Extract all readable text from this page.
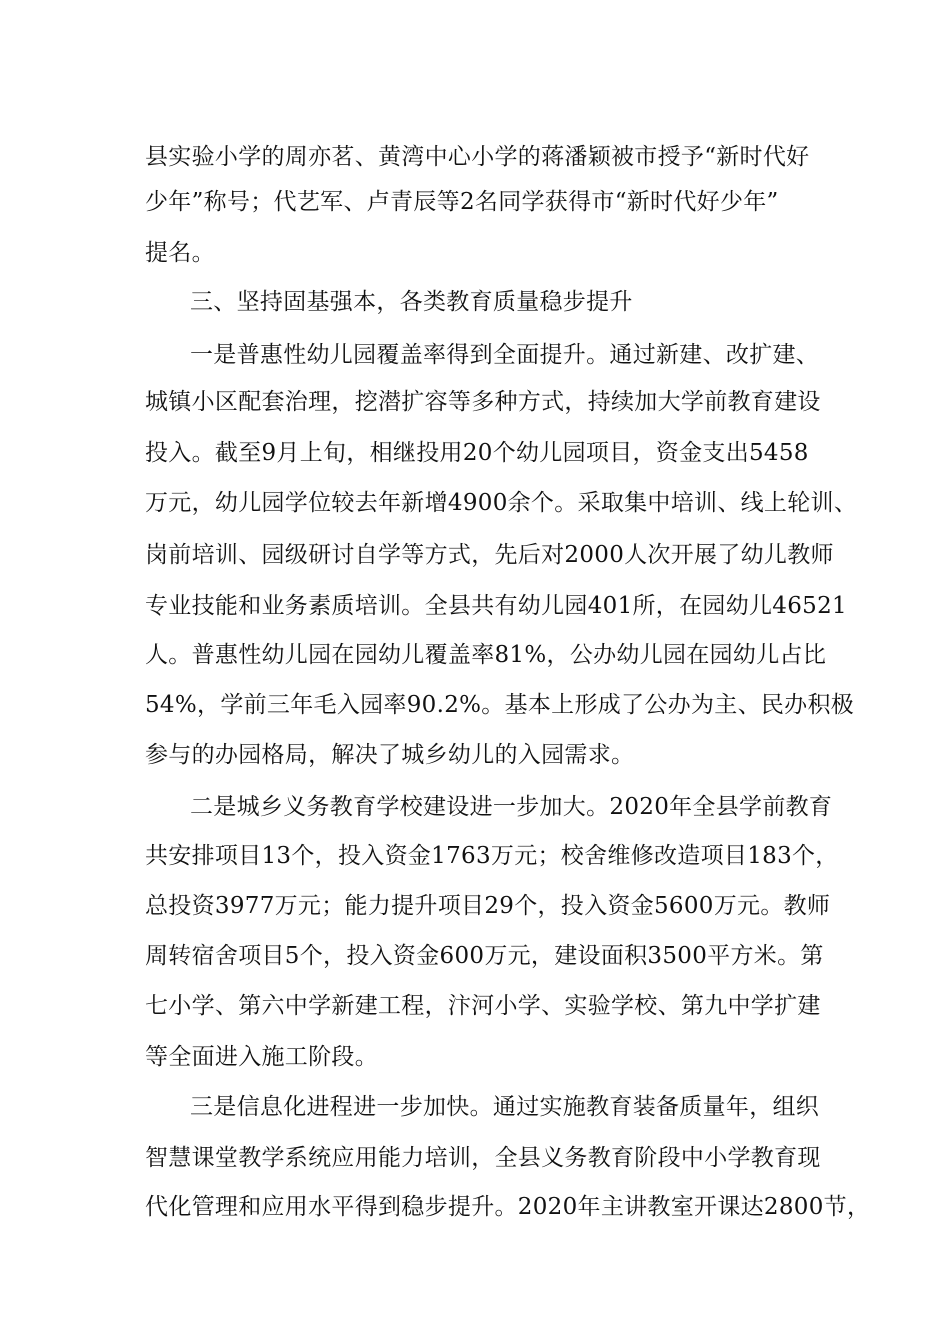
县实验小学的周亦茗、黄湾中心小学的蒋潘颖被市授予“新时代好
少年”称号；代艺军、卢青辰等2名同学获得市“新时代好少年”
提名。
三、坚持固基强本，各类教育质量稳步提升
一是普惠性幼儿园覆盖率得到全面提升。通过新建、改扩建、
城镇小区配套治理，挖潜扩容等多种方式，持续加大学前教育建设
投入。截至9月上旬，相继投用20个幼儿园项目，资金支出5458
万元，幼儿园学位较去年新增4900余个。采取集中培训、线上轮训、
岗前培训、园级研讨自学等方式，先后对2000人次开展了幼儿教师
专业技能和业务素质培训。全县共有幼儿园401所，在园幼儿46521
人。普惠性幼儿园在园幼儿覆盖率81%，公办幼儿园在园幼儿占比
54%，学前三年毛入园率90.2%。基本上形成了公办为主、民办积极
参与的办园格局，解决了城乡幼儿的入园需求。
二是城乡义务教育学校建设进一步加大。2020年全县学前教育
共安排项目13个，投入资金1763万元；校舍维修改造项目183个，
总投资3977万元；能力提升项目29个，投入资金5600万元。教师
周转宿舍项目5个，投入资金600万元，建设面积3500平方米。第
七小学、第六中学新建工程，汴河小学、实验学校、第九中学扩建
等全面进入施工阶段。
三是信息化进程进一步加快。通过实施教育装备质量年，组织
智慧课堂教学系统应用能力培训，全县义务教育阶段中小学教育现
代化管理和应用水平得到稳步提升。2020年主讲教室开课达2800节，
